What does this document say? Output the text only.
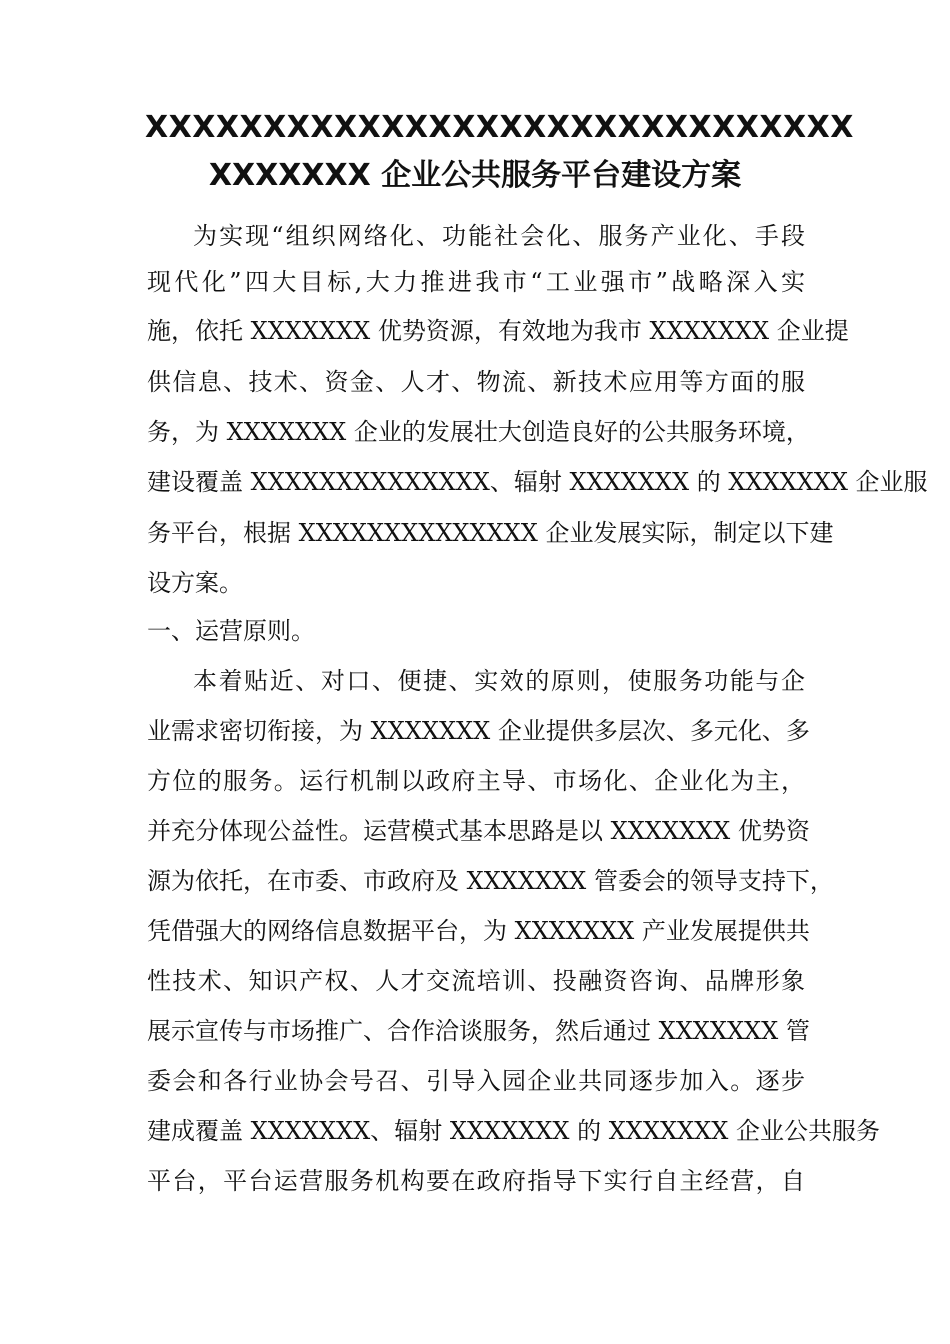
XXXXXXXXXXXXXXXXXXXXXXXXXXXXXX
XXXXXXX 企业公共服务平台建设方案
为实现“组织网络化、功能社会化、服务产业化、手段
现代化”四大目标,大力推进我市“工业强市”战略深入实
施，依托 XXXXXXX 优势资源，有效地为我市 XXXXXXX 企业提
供信息、技术、资金、人才、物流、新技术应用等方面的服
务，为 XXXXXXX 企业的发展壮大创造良好的公共服务环境，
建设覆盖 XXXXXXXXXXXXXX、辐射 XXXXXXX 的 XXXXXXX 企业服
务平台，根据 XXXXXXXXXXXXXX 企业发展实际，制定以下建
设方案。
一、运营原则。
本着贴近、对口、便捷、实效的原则，使服务功能与企
业需求密切衔接，为 XXXXXXX 企业提供多层次、多元化、多
方位的服务。运行机制以政府主导、市场化、企业化为主，
并充分体现公益性。运营模式基本思路是以 XXXXXXX 优势资
源为依托，在市委、市政府及 XXXXXXX 管委会的领导支持下，
凭借强大的网络信息数据平台，为 XXXXXXX 产业发展提供共
性技术、知识产权、人才交流培训、投融资咨询、品牌形象
展示宣传与市场推广、合作洽谈服务，然后通过 XXXXXXX 管
委会和各行业协会号召、引导入园企业共同逐步加入。逐步
建成覆盖 XXXXXXX、辐射 XXXXXXX 的 XXXXXXX 企业公共服务
平台，平台运营服务机构要在政府指导下实行自主经营，自
